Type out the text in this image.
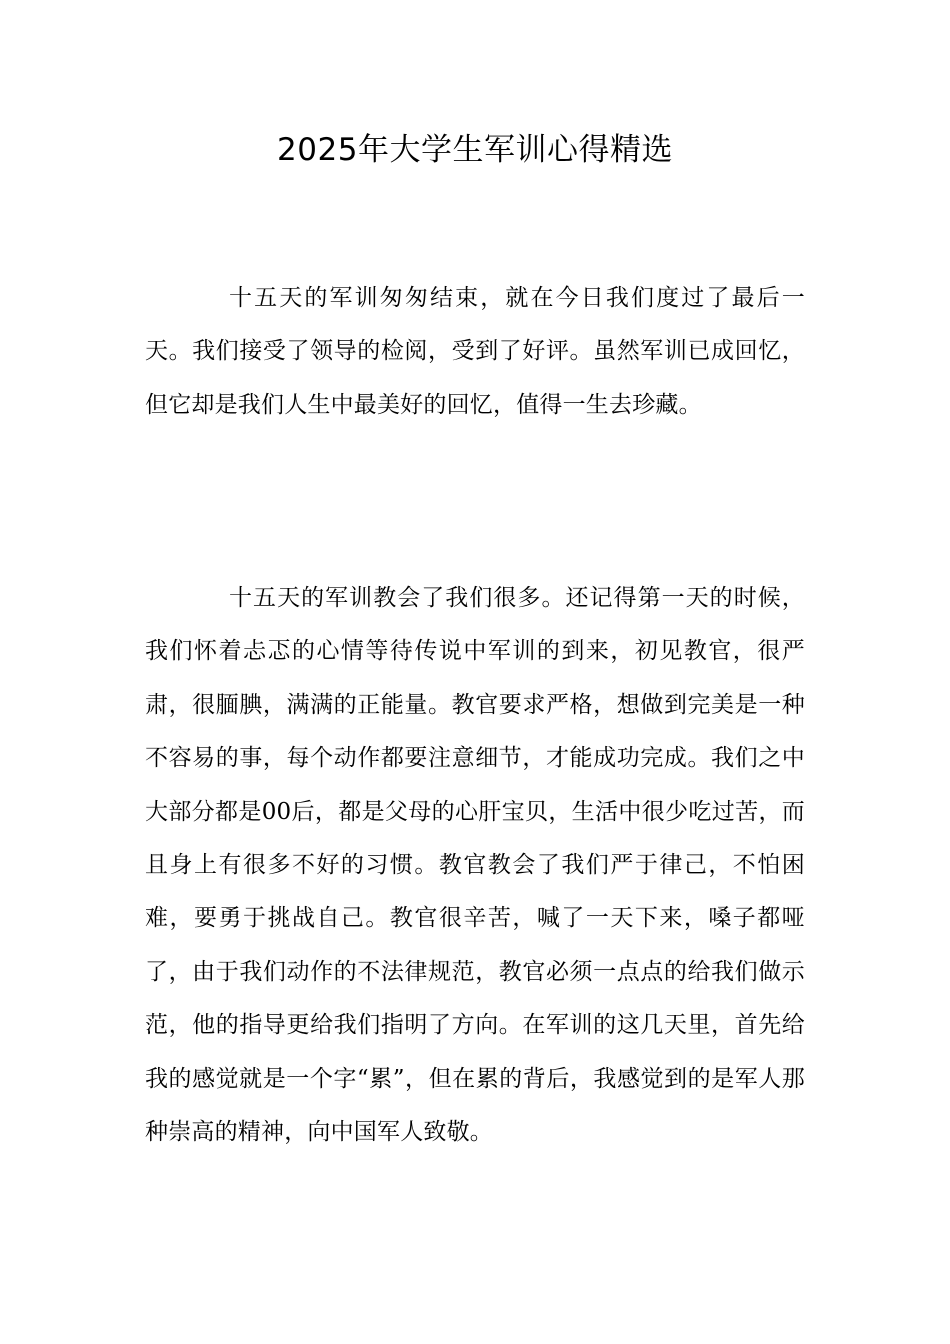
2025年大学生军训心得精选

十五天的军训匆匆结束，就在今日我们度过了最后一天。我们接受了领导的检阅，受到了好评。虽然军训已成回忆，但它却是我们人生中最美好的回忆，值得一生去珍藏。

十五天的军训教会了我们很多。还记得第一天的时候，我们怀着忐忑的心情等待传说中军训的到来，初见教官，很严肃，很腼腆，满满的正能量。教官要求严格，想做到完美是一种不容易的事，每个动作都要注意细节，才能成功完成。我们之中大部分都是00后，都是父母的心肝宝贝，生活中很少吃过苦，而且身上有很多不好的习惯。教官教会了我们严于律己，不怕困难，要勇于挑战自己。教官很辛苦，喊了一天下来，嗓子都哑了，由于我们动作的不法律规范，教官必须一点点的给我们做示范，他的指导更给我们指明了方向。在军训的这几天里，首先给我的感觉就是一个字“累”，但在累的背后，我感觉到的是军人那种崇高的精神，向中国军人致敬。
